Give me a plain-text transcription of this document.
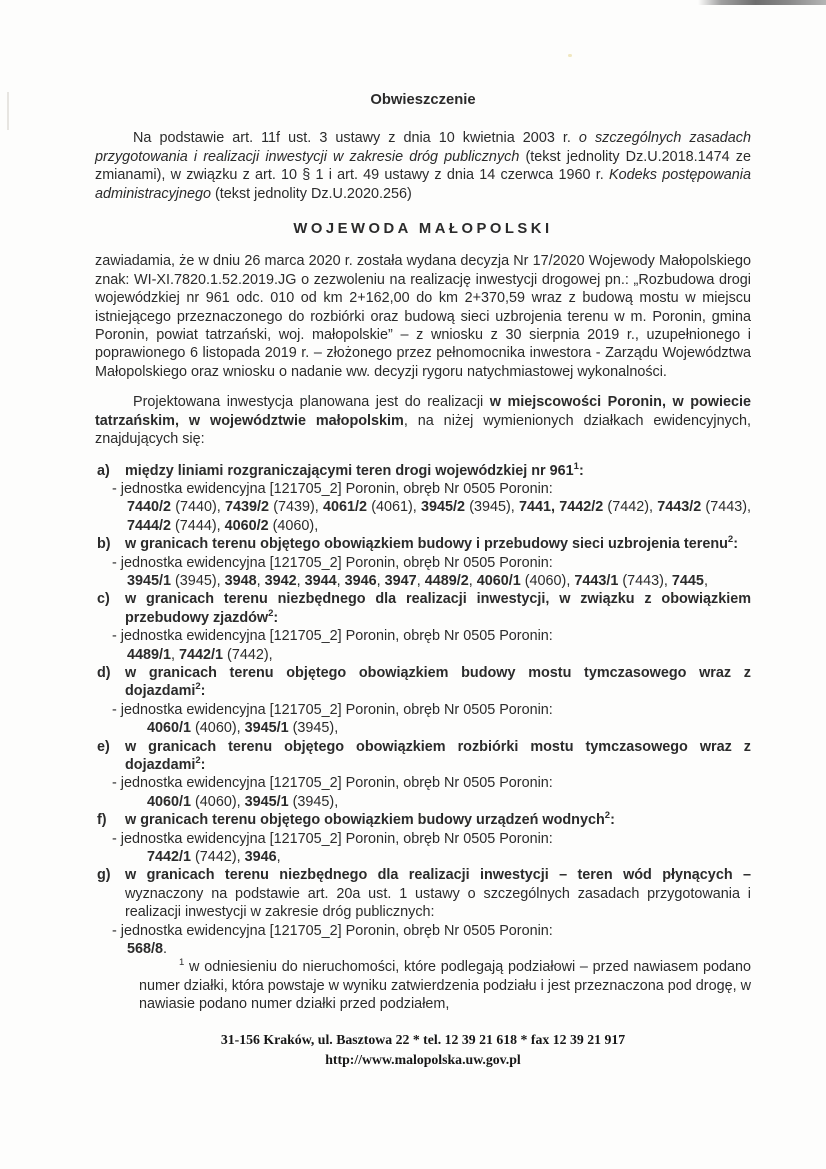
Obwieszczenie

Na podstawie art. 11f ust. 3 ustawy z dnia 10 kwietnia 2003 r. o szczególnych zasadach przygotowania i realizacji inwestycji w zakresie dróg publicznych (tekst jednolity Dz.U.2018.1474 ze zmianami), w związku z art. 10 § 1 i art. 49 ustawy z dnia 14 czerwca 1960 r. Kodeks postępowania administracyjnego (tekst jednolity Dz.U.2020.256)

WOJEWODA MAŁOPOLSKI

zawiadamia, że w dniu 26 marca 2020 r. została wydana decyzja Nr 17/2020 Wojewody Małopolskiego znak: WI-XI.7820.1.52.2019.JG o zezwoleniu na realizację inwestycji drogowej pn.: „Rozbudowa drogi wojewódzkiej nr 961 odc. 010 od km 2+162,00 do km 2+370,59 wraz z budową mostu w miejscu istniejącego przeznaczonego do rozbiórki oraz budową sieci uzbrojenia terenu w m. Poronin, gmina Poronin, powiat tatrzański, woj. małopolskie” – z wniosku z 30 sierpnia 2019 r., uzupełnionego i poprawionego 6 listopada 2019 r. – złożonego przez pełnomocnika inwestora - Zarządu Województwa Małopolskiego oraz wniosku o nadanie ww. decyzji rygoru natychmiastowej wykonalności.

Projektowana inwestycja planowana jest do realizacji w miejscowości Poronin, w powiecie tatrzańskim, w województwie małopolskim, na niżej wymienionych działkach ewidencyjnych, znajdujących się:

a) między liniami rozgraniczającymi teren drogi wojewódzkiej nr $961^1$:

- jednostka ewidencyjna [121705_2] Poronin, obręb Nr 0505 Poronin:

7440/2 (7440), 7439/2 (7439), 4061/2 (4061), 3945/2 (3945), 7441, 7442/2 (7442), 7443/2 (7443), 7444/2 (7444), 4060/2 (4060),

b) w granicach terenu objętego obowiązkiem budowy i przebudowy sieci uzbrojenia terenu$^2$:

- jednostka ewidencyjna [121705_2] Poronin, obręb Nr 0505 Poronin:

3945/1 (3945), 3948, 3942, 3944, 3946, 3947, 4489/2, 4060/1 (4060), 7443/1 (7443), 7445,

c) w granicach terenu niezbędnego dla realizacji inwestycji, w związku z obowiązkiem przebudowy zjazdów$^2$:

- jednostka ewidencyjna [121705_2] Poronin, obręb Nr 0505 Poronin:

4489/1, 7442/1 (7442),

d) w granicach terenu objętego obowiązkiem budowy mostu tymczasowego wraz z dojazdami$^2$:

- jednostka ewidencyjna [121705_2] Poronin, obręb Nr 0505 Poronin:

4060/1 (4060), 3945/1 (3945),

e) w granicach terenu objętego obowiązkiem rozbiórki mostu tymczasowego wraz z dojazdami$^2$:

- jednostka ewidencyjna [121705_2] Poronin, obręb Nr 0505 Poronin:

4060/1 (4060), 3945/1 (3945),

f) w granicach terenu objętego obowiązkiem budowy urządzeń wodnych$^2$:

- jednostka ewidencyjna [121705_2] Poronin, obręb Nr 0505 Poronin:

7442/1 (7442), 3946,

g) w granicach terenu niezbędnego dla realizacji inwestycji – teren wód płynących – wyznaczony na podstawie art. 20a ust. 1 ustawy o szczególnych zasadach przygotowania i realizacji inwestycji w zakresie dróg publicznych:

- jednostka ewidencyjna [121705_2] Poronin, obręb Nr 0505 Poronin:

568/8.

$^1$ w odniesieniu do nieruchomości, które podlegają podziałowi – przed nawiasem podano numer działki, która powstaje w wyniku zatwierdzenia podziału i jest przeznaczona pod drogę, w nawiasie podano numer działki przed podziałem,

31-156 Kraków, ul. Basztowa 22 * tel. 12 39 21 618 * fax 12 39 21 917
http://www.malopolska.uw.gov.pl
